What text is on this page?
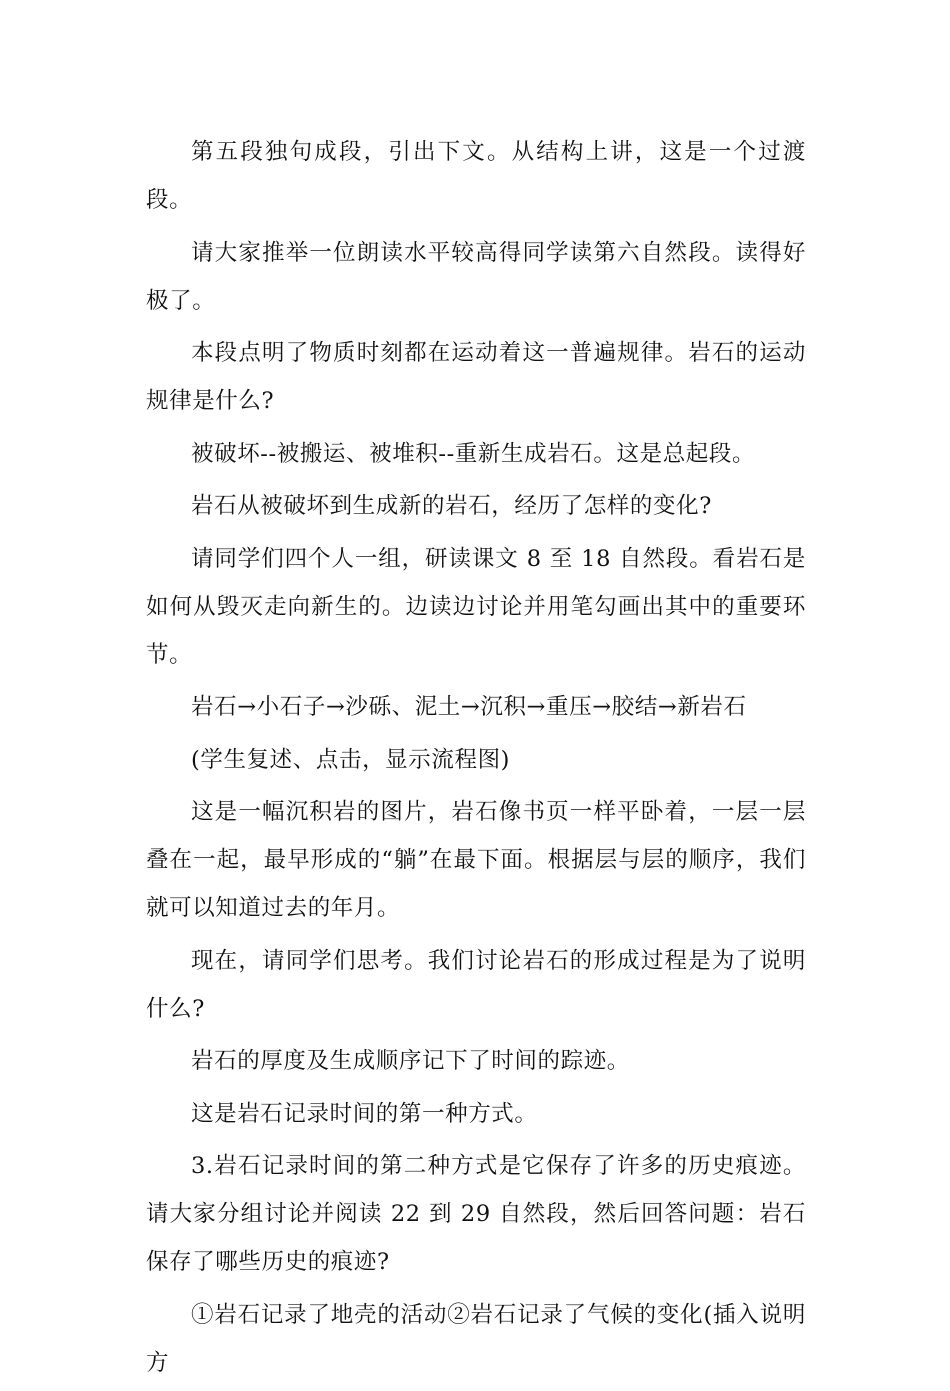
第五段独句成段，引出下文。从结构上讲，这是一个过渡段。

请大家推举一位朗读水平较高得同学读第六自然段。读得好极了。

本段点明了物质时刻都在运动着这一普遍规律。岩石的运动规律是什么?

被破坏--被搬运、被堆积--重新生成岩石。这是总起段。

岩石从被破坏到生成新的岩石，经历了怎样的变化?

请同学们四个人一组，研读课文 8 至 18 自然段。看岩石是如何从毁灭走向新生的。边读边讨论并用笔勾画出其中的重要环节。

岩石→小石子→沙砾、泥土→沉积→重压→胶结→新岩石

(学生复述、点击，显示流程图)

这是一幅沉积岩的图片，岩石像书页一样平卧着，一层一层叠在一起，最早形成的“躺”在最下面。根据层与层的顺序，我们就可以知道过去的年月。

现在，请同学们思考。我们讨论岩石的形成过程是为了说明什么?

岩石的厚度及生成顺序记下了时间的踪迹。

这是岩石记录时间的第一种方式。

3.岩石记录时间的第二种方式是它保存了许多的历史痕迹。请大家分组讨论并阅读 22 到 29 自然段，然后回答问题：岩石保存了哪些历史的痕迹?

①岩石记录了地壳的活动②岩石记录了气候的变化(插入说明方
